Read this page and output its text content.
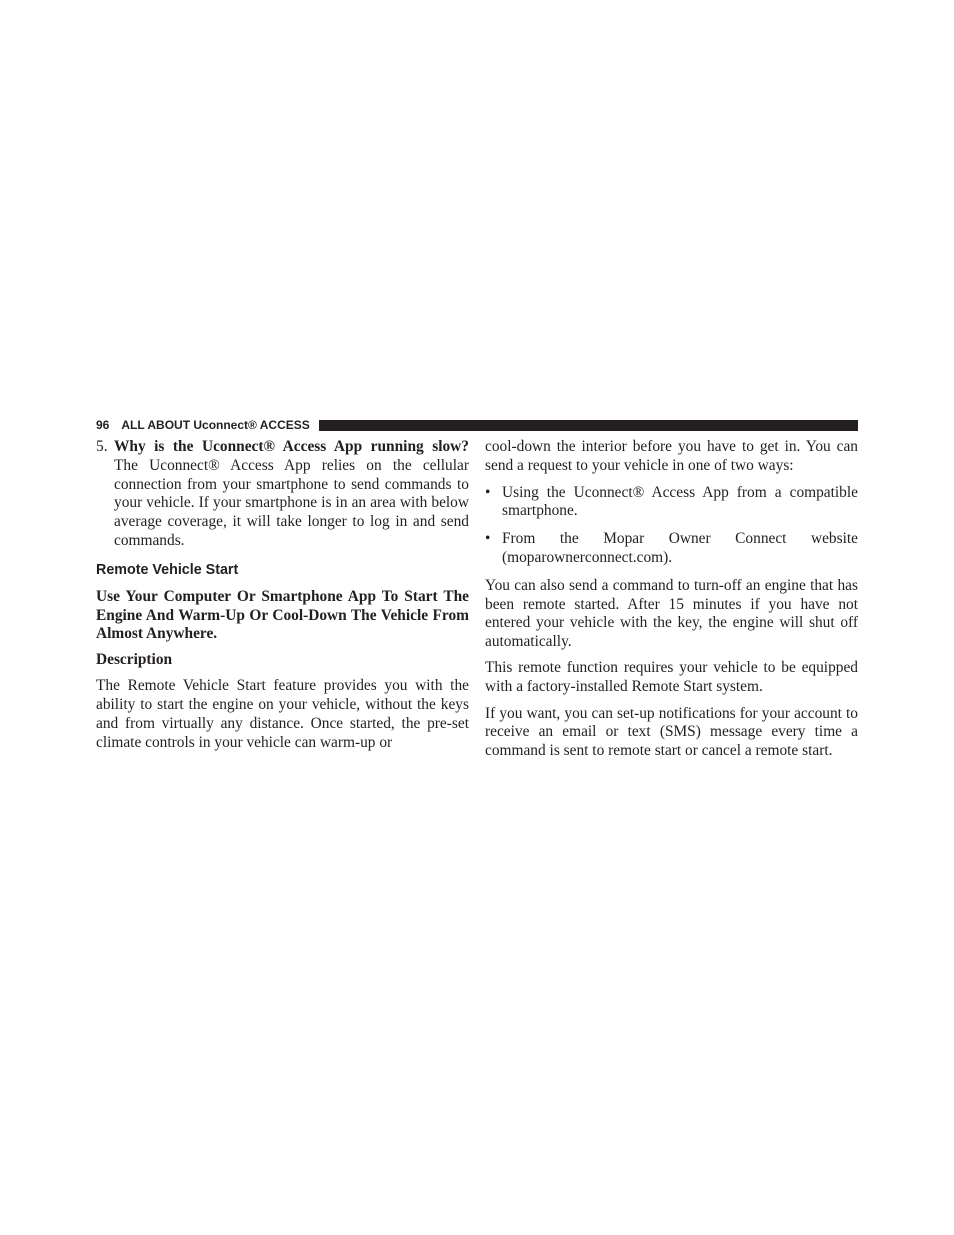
96 ALL ABOUT Uconnect® ACCESS
5. Why is the Uconnect® Access App running slow?
The Uconnect® Access App relies on the cellular connection from your smartphone to send commands to your vehicle. If your smartphone is in an area with below average coverage, it will take longer to log in and send commands.
Remote Vehicle Start

Use Your Computer Or Smartphone App To Start The Engine And Warm-Up Or Cool-Down The Vehicle From Almost Anywhere.

Description

The Remote Vehicle Start feature provides you with the ability to start the engine on your vehicle, without the keys and from virtually any distance. Once started, the pre-set climate controls in your vehicle can warm-up or

cool-down the interior before you have to get in. You can send a request to your vehicle in one of two ways:

• Using the Uconnect® Access App from a compatible
smartphone.
• From the Mopar Owner Connect website
(moparownerconnect.com).

You can also send a command to turn-off an engine that has been remote started. After 15 minutes if you have not entered your vehicle with the key, the engine will shut off automatically.

This remote function requires your vehicle to be equipped with a factory-installed Remote Start system.

If you want, you can set-up notifications for your account to receive an email or text (SMS) message every time a command is sent to remote start or cancel a remote start.
